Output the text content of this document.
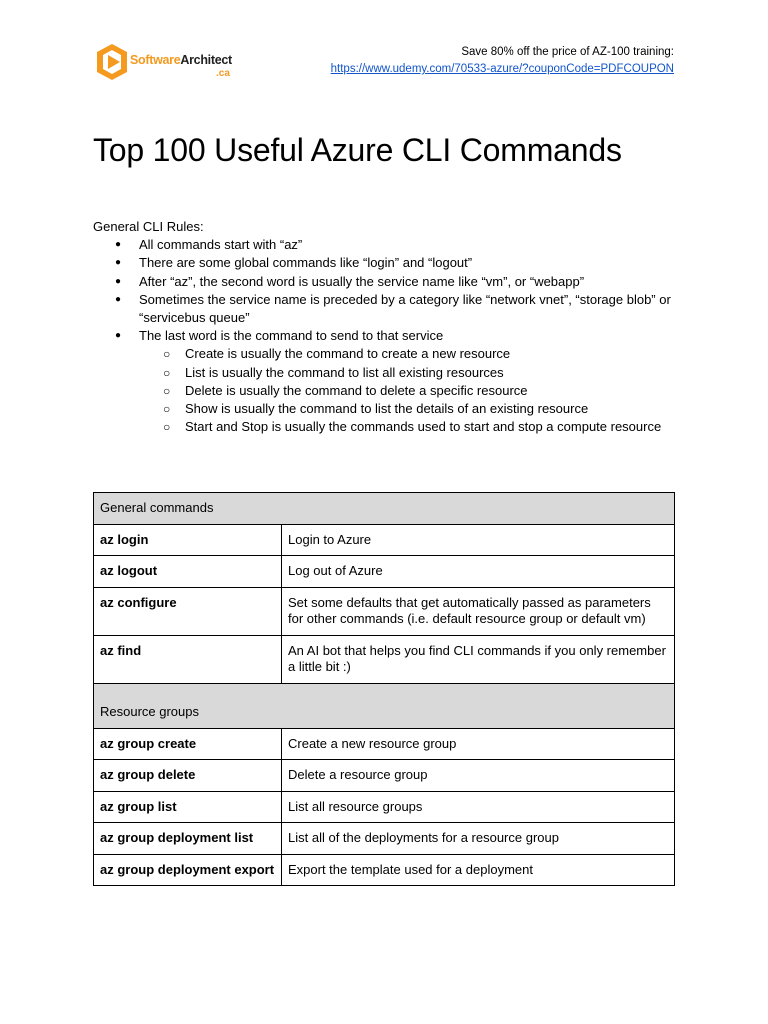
SoftwareArchitect
.ca
Save 80% off the price of AZ-100 training:
https://www.udemy.com/70533-azure/?couponCode=PDFCOUPON
Top 100 Useful Azure CLI Commands
General CLI Rules:
● All commands start with “az”
● There are some global commands like “login” and “logout”
● After “az”, the second word is usually the service name like “vm”, or “webapp”
● Sometimes the service name is preceded by a category like “network vnet”, “storage blob” or “servicebus queue”
● The last word is the command to send to that service
○ Create is usually the command to create a new resource
○ List is usually the command to list all existing resources
○ Delete is usually the command to delete a specific resource
○ Show is usually the command to list the details of an existing resource
○ Start and Stop is usually the commands used to start and stop a compute resource
General commands	
az login	Login to Azure
az logout	Log out of Azure
az configure	Set some defaults that get automatically passed as parameters for other commands (i.e. default resource group or default vm)
az find	An AI bot that helps you find CLI commands if you only remember a little bit :)
Resource groups	
az group create	Create a new resource group
az group delete	Delete a resource group
az group list	List all resource groups
az group deployment list	List all of the deployments for a resource group
az group deployment export	Export the template used for a deployment
